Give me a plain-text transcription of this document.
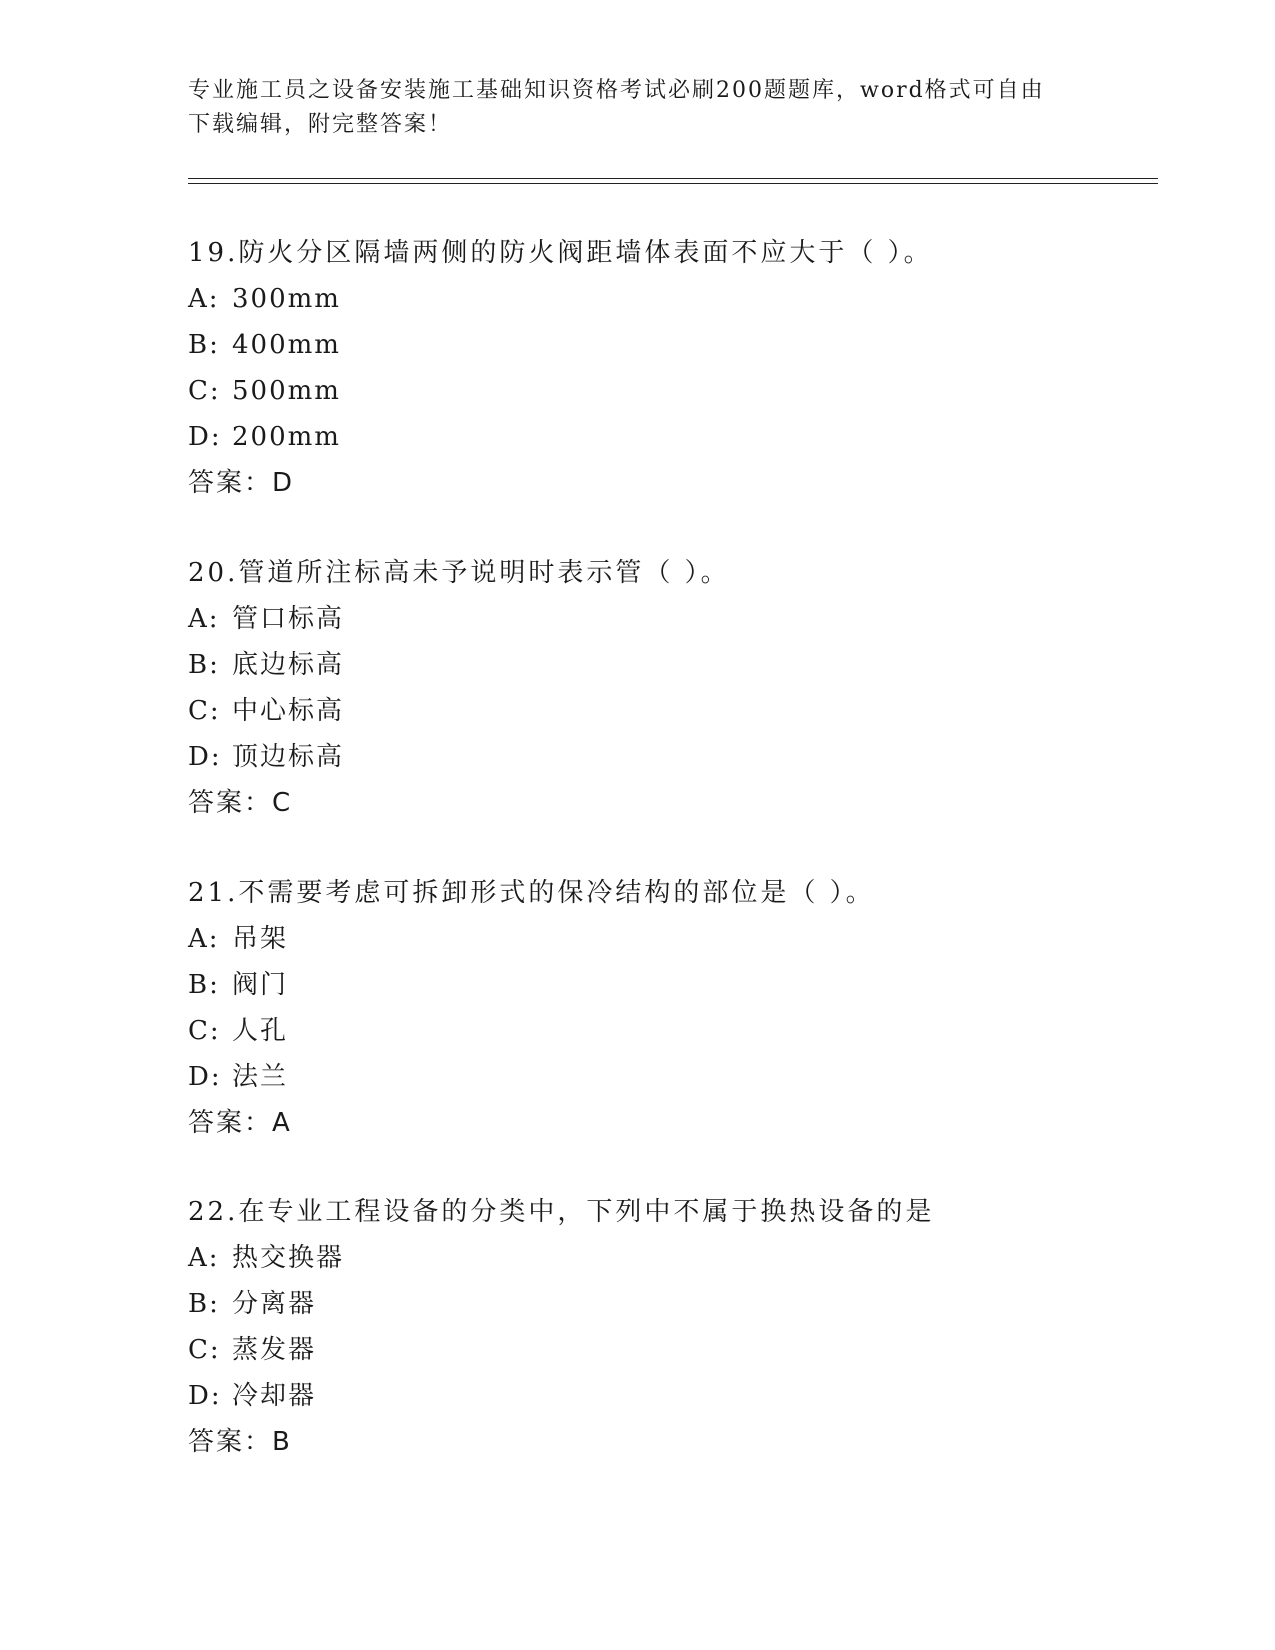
专业施工员之设备安装施工基础知识资格考试必刷200题题库，word格式可自由
下载编辑，附完整答案！
19.防火分区隔墙两侧的防火阀距墙体表面不应大于（ ）。
A: 300mm
B: 400mm
C: 500mm
D: 200mm
答案：D
20.管道所注标高未予说明时表示管（ ）。
A: 管口标高
B: 底边标高
C: 中心标高
D: 顶边标高
答案：C
21.不需要考虑可拆卸形式的保冷结构的部位是（ ）。
A: 吊架
B: 阀门
C: 人孔
D: 法兰
答案：A
22.在专业工程设备的分类中，下列中不属于换热设备的是
A: 热交换器
B: 分离器
C: 蒸发器
D: 冷却器
答案：B
